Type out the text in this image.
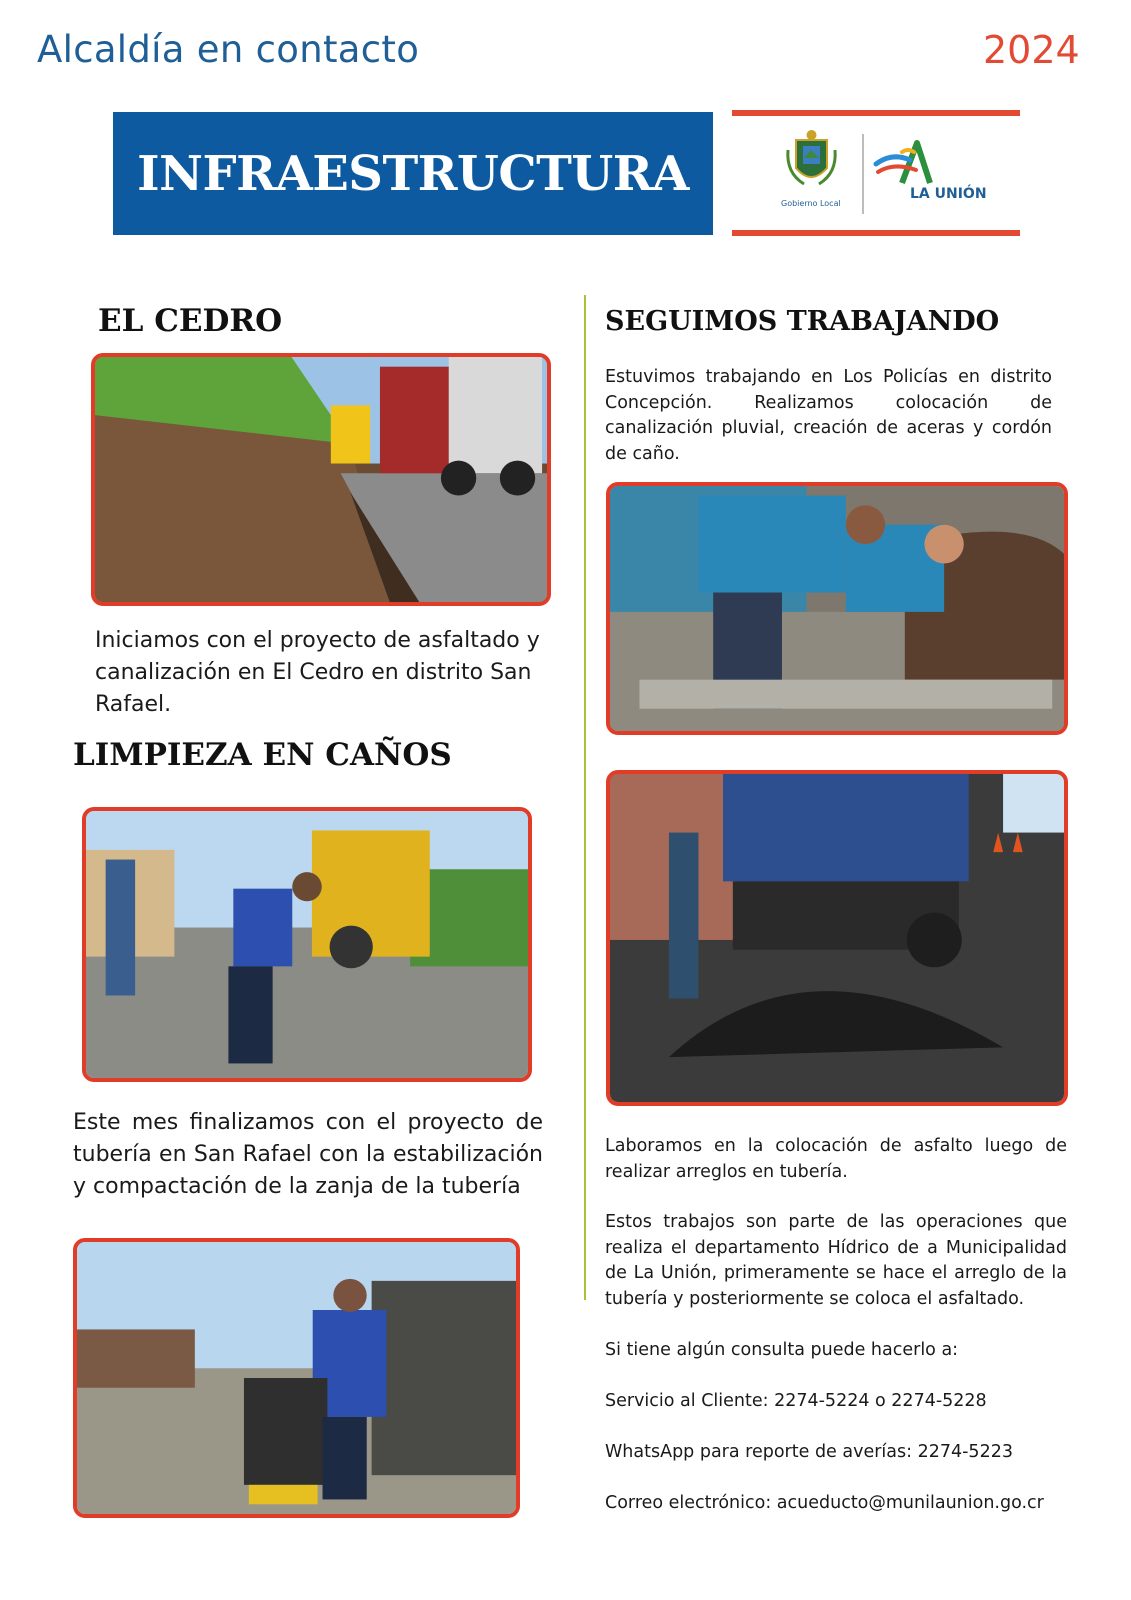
Alcaldía en contacto	2024
INFRAESTRUCTURA
Gobierno Local
LA UNIÓN
EL CEDRO
Iniciamos con el proyecto de asfaltado y canalización en El Cedro en distrito San Rafael.
LIMPIEZA EN CAÑOS
Este mes finalizamos con el proyecto de tubería en San Rafael con la estabilización y compactación de la zanja de la tubería
SEGUIMOS TRABAJANDO
Estuvimos trabajando en Los Policías en distrito Concepción. Realizamos colocación de canalización pluvial, creación de aceras y cordón de caño.
Laboramos en la colocación de asfalto luego de realizar arreglos en tubería.
Estos trabajos son parte de las operaciones que realiza el departamento Hídrico de a Municipalidad de La Unión, primeramente se hace el arreglo de la tubería y posteriormente se coloca el asfaltado.
Si tiene algún consulta puede hacerlo a:
Servicio al Cliente: 2274-5224 o 2274-5228
WhatsApp para reporte de averías: 2274-5223
Correo electrónico: acueducto@munilaunion.go.cr
